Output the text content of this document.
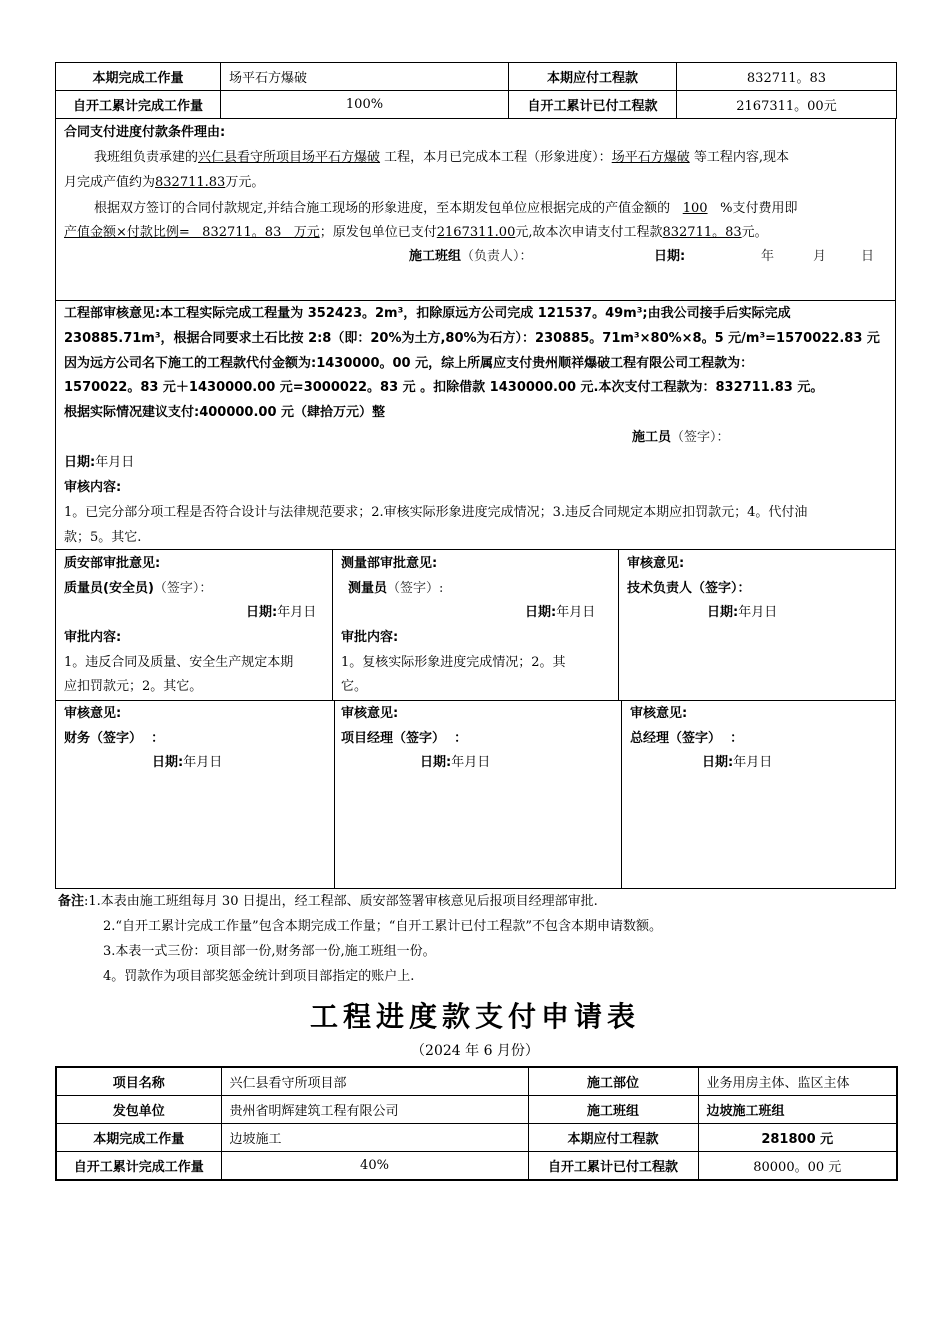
本期完成工作量	场平石方爆破	本期应付工程款	832711。83
自开工累计完成工作量	100%	自开工累计已付工程款	2167311。00元
合同支付进度付款条件理由:
我班组负责承建的兴仁县看守所项目场平石方爆破 工程，本月已完成本工程（形象进度）：场平石方爆破 等工程内容,现本
月完成产值约为832711.83万元。
根据双方签订的合同付款规定,并结合施工现场的形象进度，至本期发包单位应根据完成的产值金额的 100 %支付费用即
产值金额×付款比例=   832711。83   万元；原发包单位已支付2167311.00元,故本次申请支付工程款832711。83元。
施工班组（负责人）：	日期:	年	月	日
工程部审核意见:本工程实际完成工程量为 352423。2m³，扣除原远方公司完成 121537。49m³;由我公司接手后实际完成
230885.71m³，根据合同要求土石比按 2:8（即：20%为土方,80%为石方）：230885。71m³×80%×8。5 元/m³=1570022.83 元
因为远方公司名下施工的工程款代付金额为:1430000。00 元，综上所属应支付贵州顺祥爆破工程有限公司工程款为：
1570022。83 元＋1430000.00 元=3000022。83 元 。扣除借款 1430000.00 元.本次支付工程款为：832711.83 元。
根据实际情况建议支付:400000.00 元（肆拾万元）整
施工员（签字）：
日期:年月日
审核内容:
1。已完分部分项工程是否符合设计与法律规范要求；2.审核实际形象进度完成情况；3.违反合同规定本期应扣罚款元；4。代付油
款；5。其它.
质安部审批意见:
质量员(安全员)（签字）：
日期:年月日
审批内容:
1。违反合同及质量、安全生产规定本期
应扣罚款元；2。其它。
测量部审批意见:
测量员（签字）:
日期:年月日
审批内容:
1。复核实际形象进度完成情况；2。其
它。
审核意见:
技术负责人（签字）：
日期:年月日
审核意见:
财务（签字） ：
日期:年月日
审核意见:
项目经理（签字） ：
日期:年月日
审核意见:
总经理（签字） ：
日期:年月日
备注:1.本表由施工班组每月 30 日提出，经工程部、质安部签署审核意见后报项目经理部审批.
2.“自开工累计完成工作量”包含本期完成工作量；“自开工累计已付工程款”不包含本期申请数额。
3.本表一式三份：项目部一份,财务部一份,施工班组一份。
4。罚款作为项目部奖惩金统计到项目部指定的账户上.
工程进度款支付申请表
（2024 年 6 月份）
项目名称	兴仁县看守所项目部	施工部位	业务用房主体、监区主体
发包单位	贵州省明辉建筑工程有限公司	施工班组	边坡施工班组
本期完成工作量	边坡施工	本期应付工程款	281800 元
自开工累计完成工作量	40%	自开工累计已付工程款	80000。00 元
